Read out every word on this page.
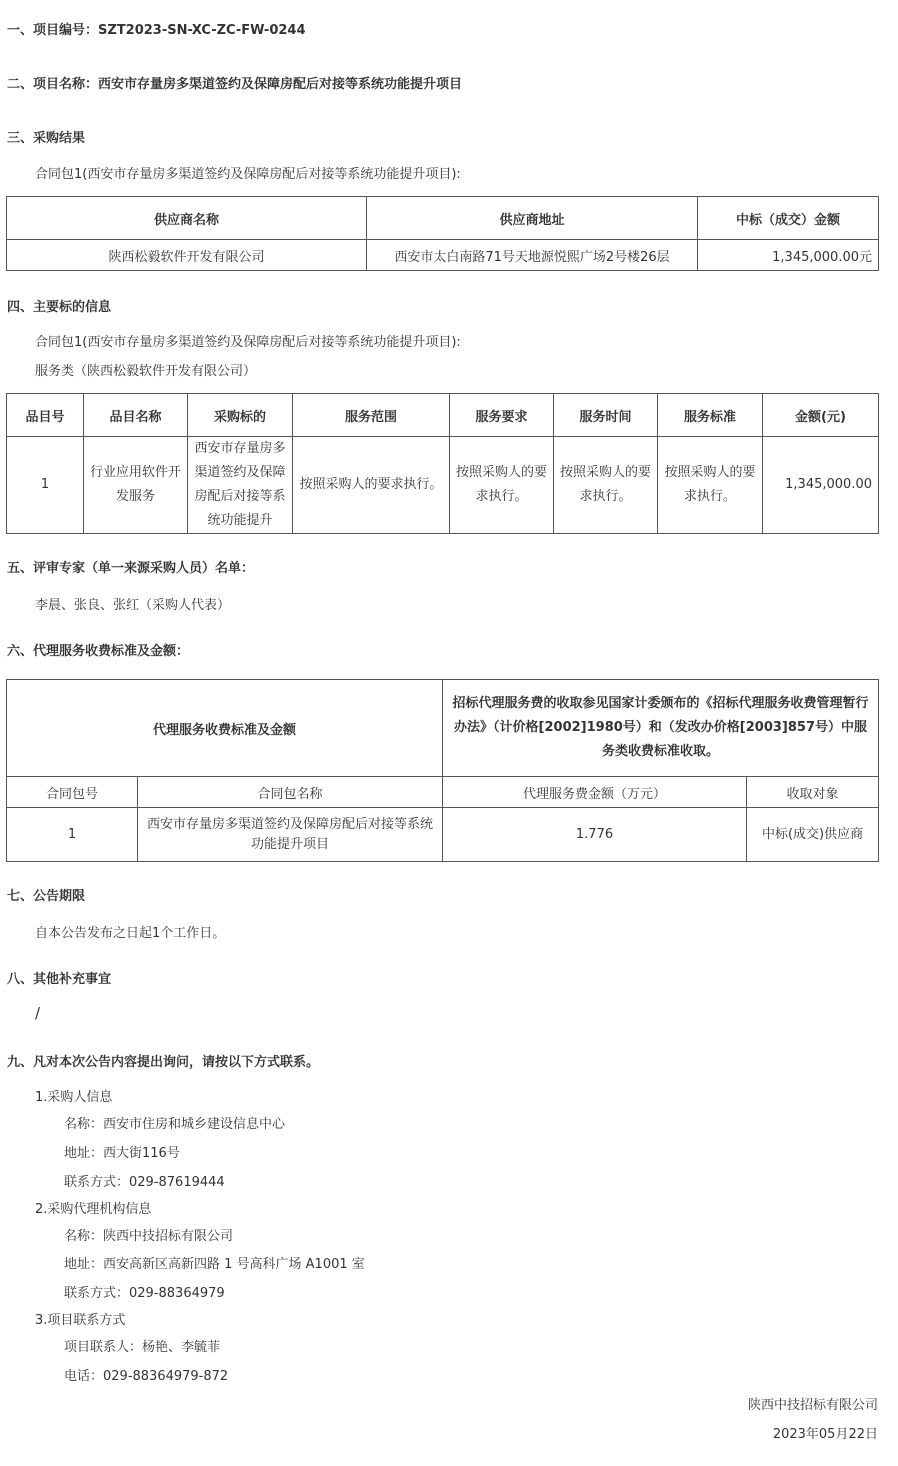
一、项目编号：SZT2023-SN-XC-ZC-FW-0244
二、项目名称：西安市存量房多渠道签约及保障房配后对接等系统功能提升项目
三、采购结果
合同包1(西安市存量房多渠道签约及保障房配后对接等系统功能提升项目):
供应商名称	供应商地址	中标（成交）金额
陕西松毅软件开发有限公司	西安市太白南路71号天地源悦熙广场2号楼26层	1,345,000.00元
四、主要标的信息
合同包1(西安市存量房多渠道签约及保障房配后对接等系统功能提升项目):
服务类（陕西松毅软件开发有限公司）
品目号	品目名称	采购标的	服务范围	服务要求	服务时间	服务标准	金额(元)
1	行业应用软件开发服务	西安市存量房多渠道签约及保障房配后对接等系统功能提升	按照采购人的要求执行。	按照采购人的要求执行。	按照采购人的要求执行。	按照采购人的要求执行。	1,345,000.00
五、评审专家（单一来源采购人员）名单：
李晨、张良、张红（采购人代表）
六、代理服务收费标准及金额：
代理服务收费标准及金额		招标代理服务费的收取参见国家计委颁布的《招标代理服务收费管理暂行办法》（计价格[2002]1980号）和（发改办价格[2003]857号）中服务类收费标准收取。	
合同包号	合同包名称	代理服务费金额（万元）	收取对象
1	西安市存量房多渠道签约及保障房配后对接等系统功能提升项目	1.776	中标(成交)供应商
七、公告期限
自本公告发布之日起1个工作日。
八、其他补充事宜
/
九、凡对本次公告内容提出询问，请按以下方式联系。
1.采购人信息
名称：西安市住房和城乡建设信息中心
地址：西大街116号
联系方式：029-87619444
2.采购代理机构信息
名称：陕西中技招标有限公司
地址：西安高新区高新四路 1 号高科广场 A1001 室
联系方式：029-88364979
3.项目联系方式
项目联系人：杨艳、李毓菲
电话：029-88364979-872
陕西中技招标有限公司
2023年05月22日
